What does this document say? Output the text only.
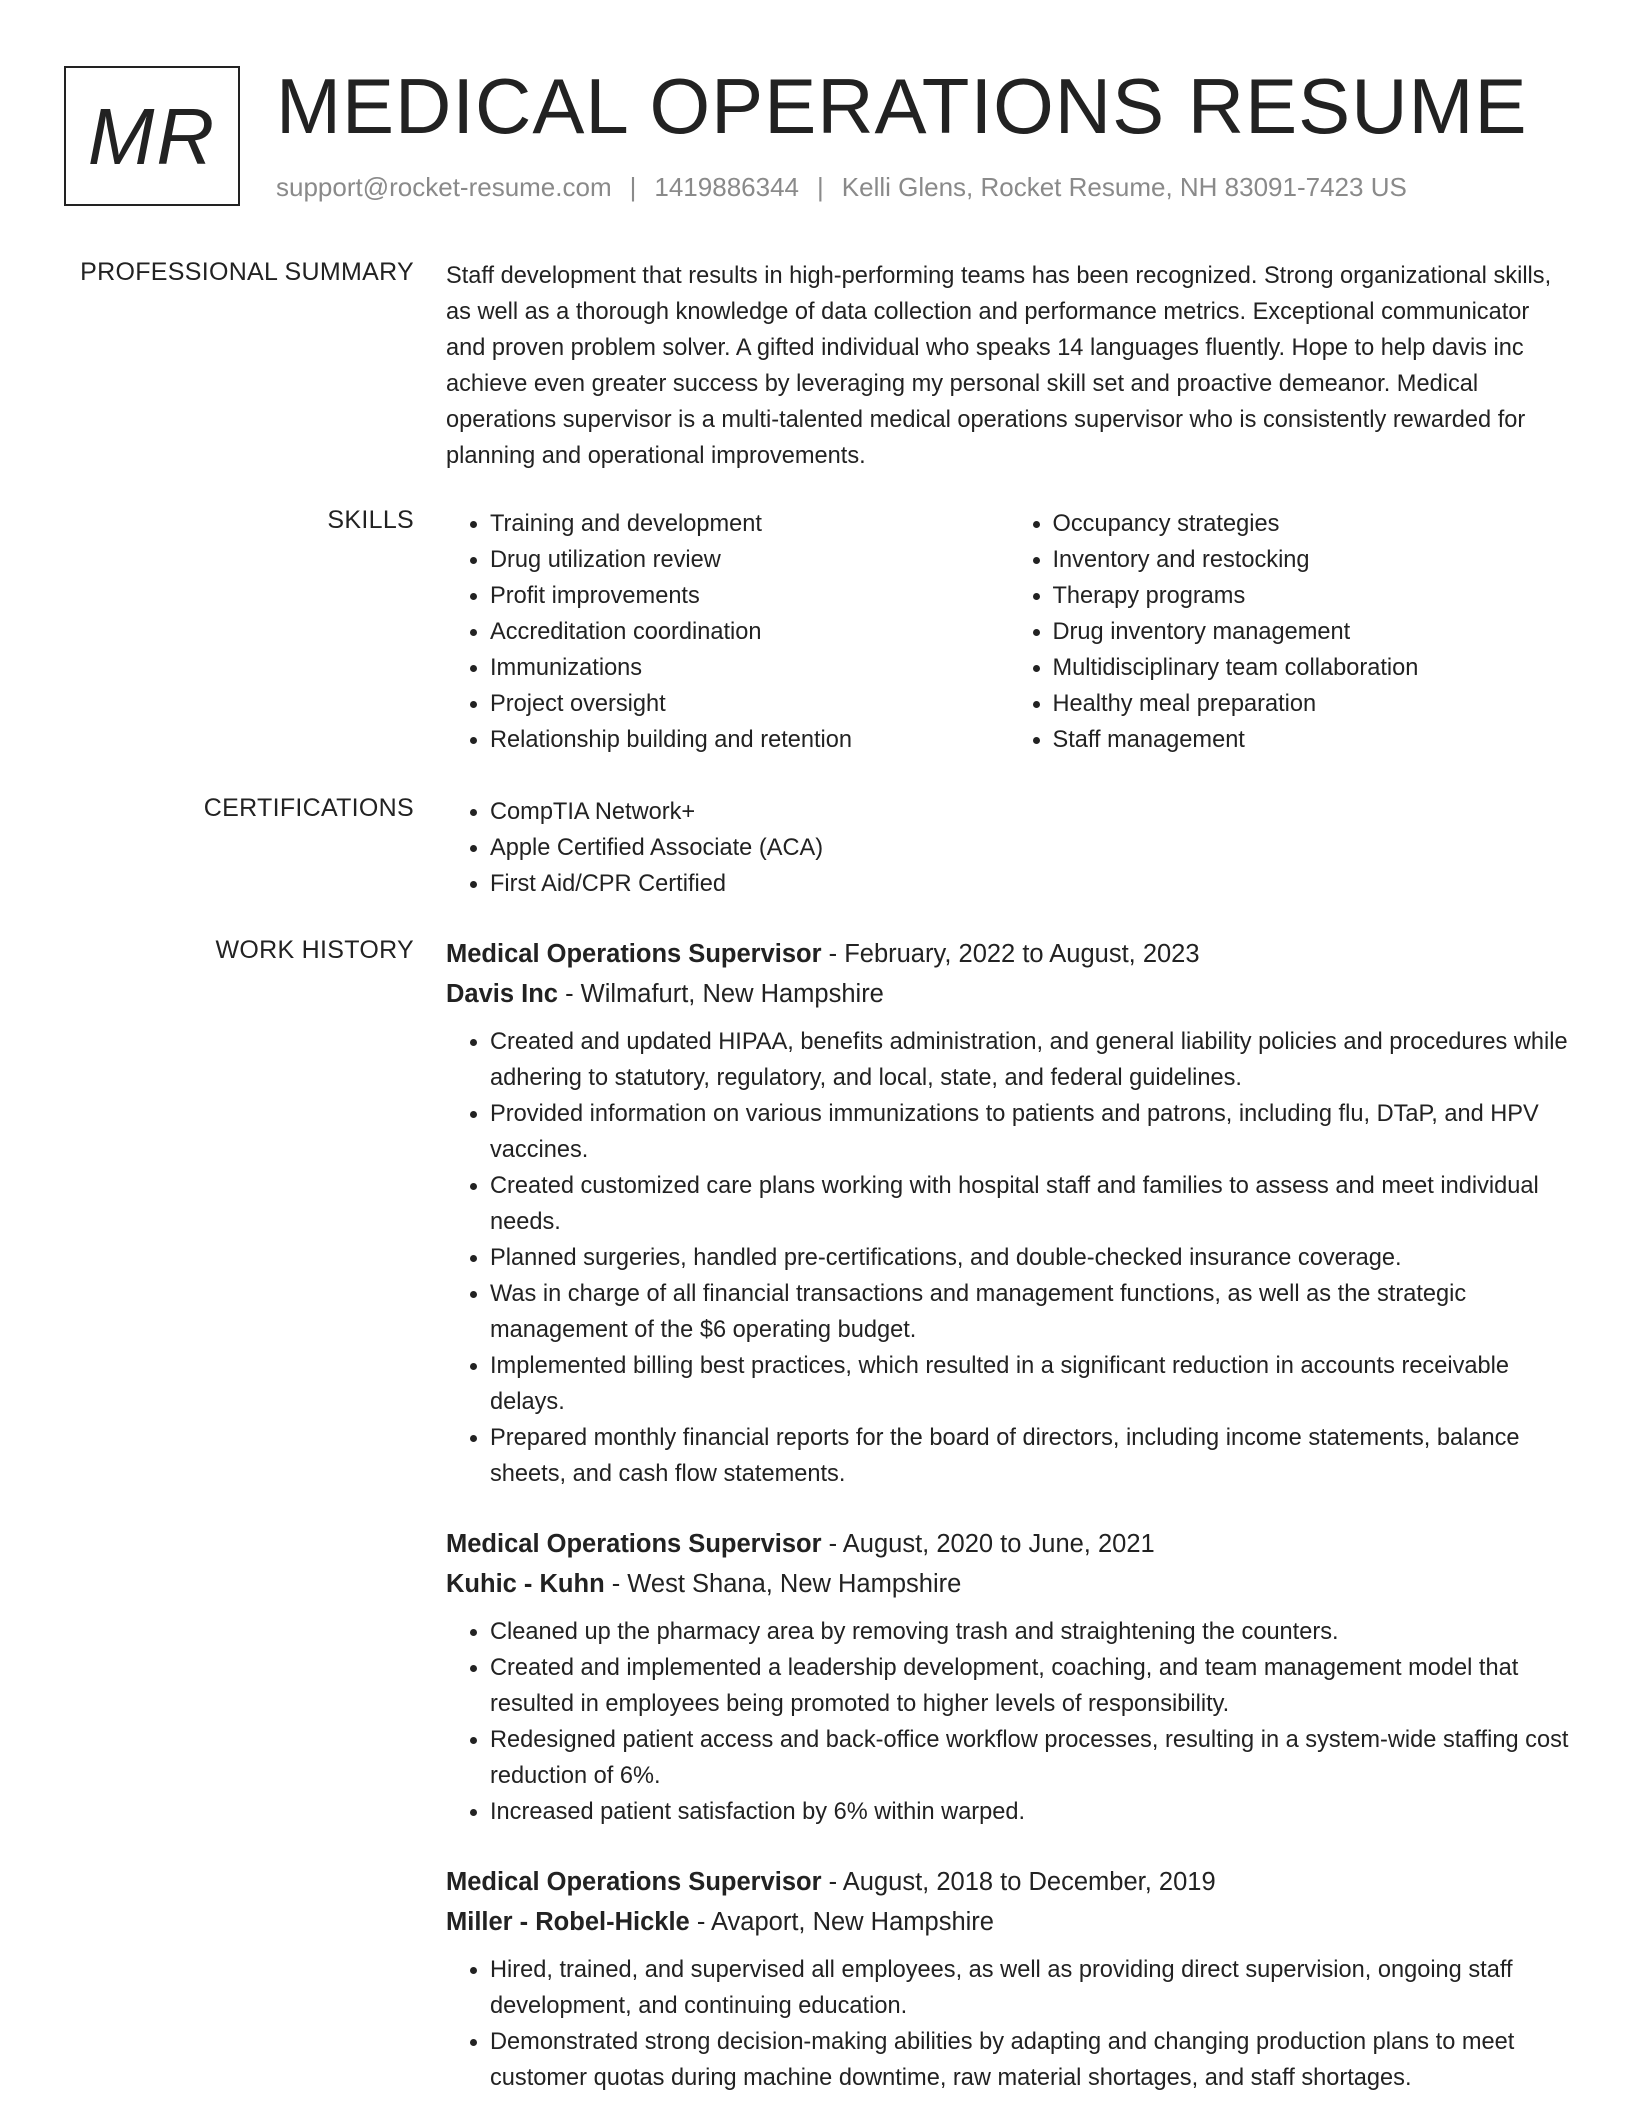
MR MEDICAL OPERATIONS RESUME
support@rocket-resume.com | 1419886344 | Kelli Glens, Rocket Resume, NH 83091-7423 US
PROFESSIONAL SUMMARY Staff development that results in high-performing teams has been recognized. Strong organizational skills, as well as a thorough knowledge of data collection and performance metrics. Exceptional communicator and proven problem solver. A gifted individual who speaks 14 languages fluently. Hope to help davis inc achieve even greater success by leveraging my personal skill set and proactive demeanor. Medical operations supervisor is a multi-talented medical operations supervisor who is consistently rewarded for planning and operational improvements.

SKILLS	• Training and development
• Drug utilization review
• Profit improvements
• Accreditation coordination
• Immunizations
• Project oversight
• Relationship building and retention
• Occupancy strategies
• Inventory and restocking
• Therapy programs
• Drug inventory management
• Multidisciplinary team collaboration
• Healthy meal preparation
• Staff management
CERTIFICATIONS	• CompTIA Network+
• Apple Certified Associate (ACA)
• First Aid/CPR Certified
WORK HISTORY Medical Operations Supervisor - February, 2022 to August, 2023
Davis Inc - Wilmafurt, New Hampshire
• Created and updated HIPAA, benefits administration, and general liability policies and procedures while adhering to statutory, regulatory, and local, state, and federal guidelines.
• Provided information on various immunizations to patients and patrons, including flu, DTaP, and HPV vaccines.
• Created customized care plans working with hospital staff and families to assess and meet individual needs.
• Planned surgeries, handled pre-certifications, and double-checked insurance coverage.
• Was in charge of all financial transactions and management functions, as well as the strategic management of the $6 operating budget.
• Implemented billing best practices, which resulted in a significant reduction in accounts receivable delays.
• Prepared monthly financial reports for the board of directors, including income statements, balance sheets, and cash flow statements.
Medical Operations Supervisor - August, 2020 to June, 2021
Kuhic - Kuhn - West Shana, New Hampshire
• Cleaned up the pharmacy area by removing trash and straightening the counters.
• Created and implemented a leadership development, coaching, and team management model that resulted in employees being promoted to higher levels of responsibility.
• Redesigned patient access and back-office workflow processes, resulting in a system-wide staffing cost reduction of 6%.
• Increased patient satisfaction by 6% within warped.
Medical Operations Supervisor - August, 2018 to December, 2019
Miller - Robel-Hickle - Avaport, New Hampshire
• Hired, trained, and supervised all employees, as well as providing direct supervision, ongoing staff development, and continuing education.
• Demonstrated strong decision-making abilities by adapting and changing production plans to meet customer quotas during machine downtime, raw material shortages, and staff shortages.
